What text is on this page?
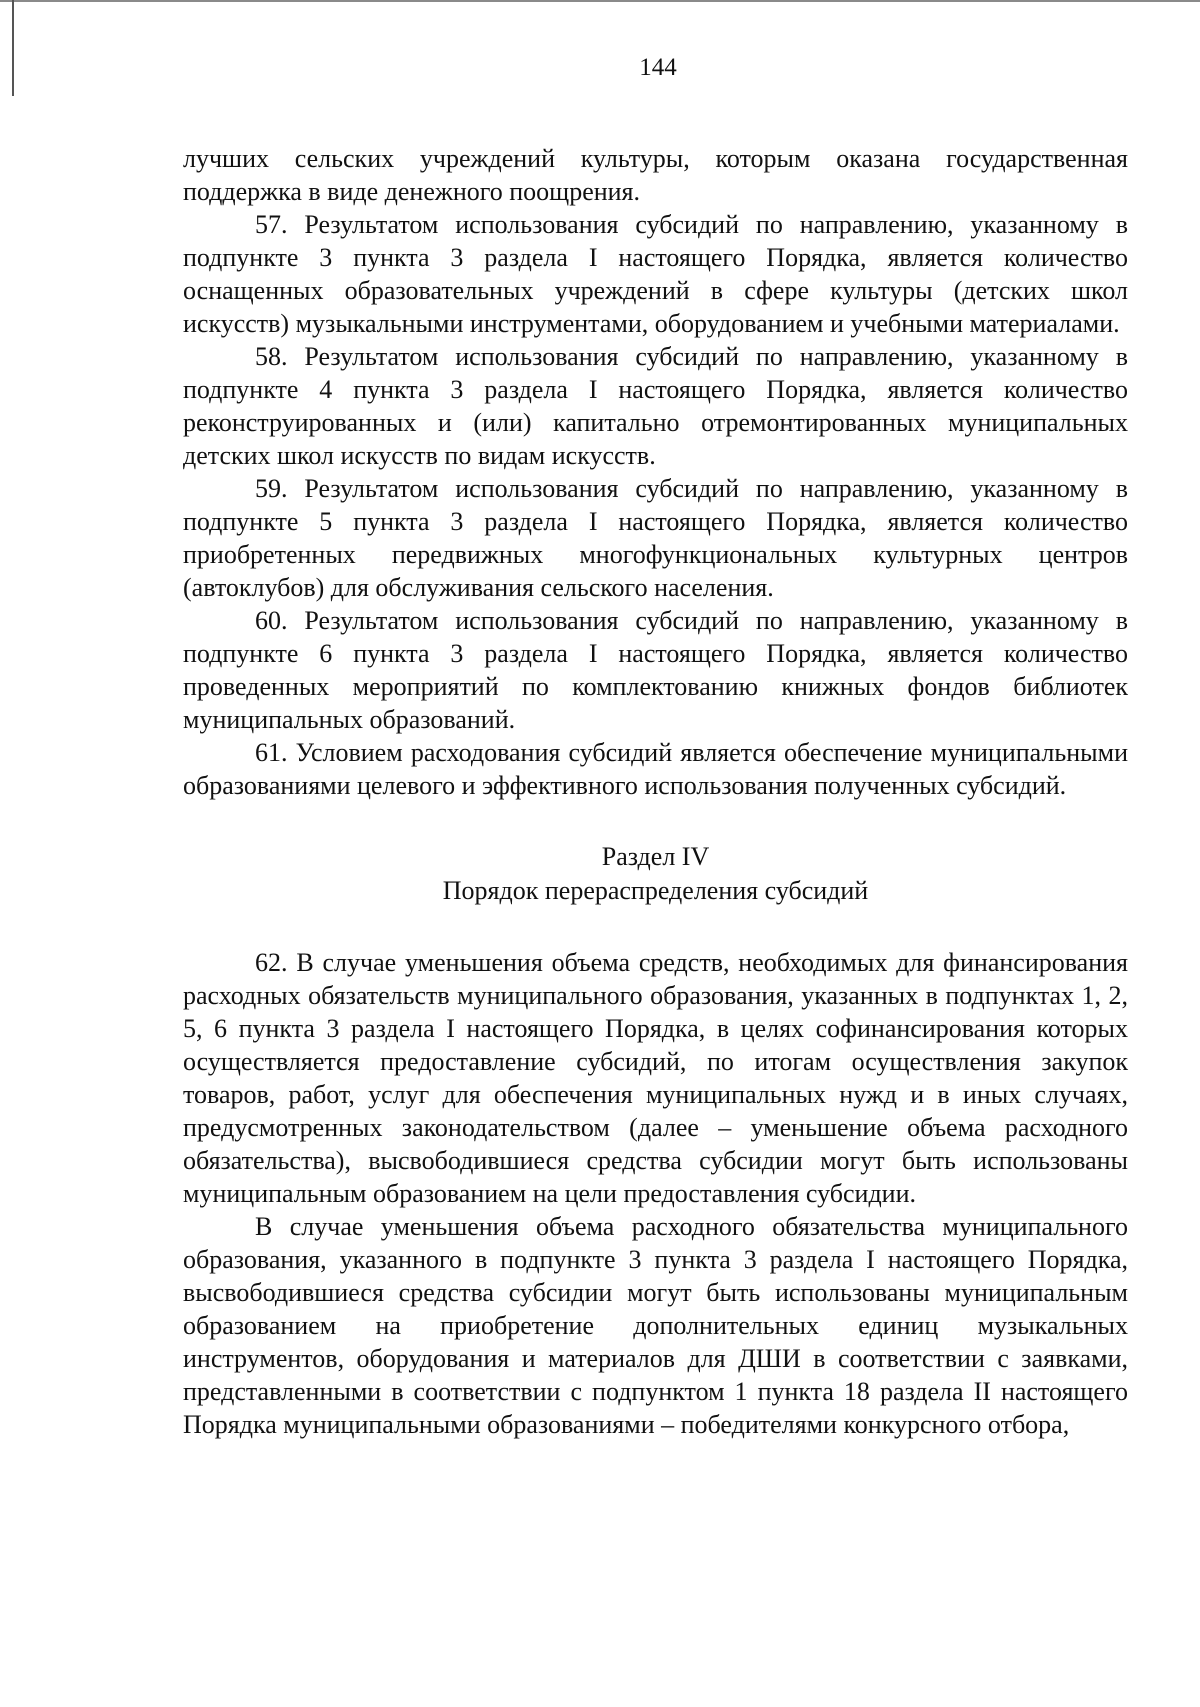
144

лучших сельских учреждений культуры, которым оказана государственная поддержка в виде денежного поощрения.

57. Результатом использования субсидий по направлению, указанному в подпункте 3 пункта 3 раздела I настоящего Порядка, является количество оснащенных образовательных учреждений в сфере культуры (детских школ искусств) музыкальными инструментами, оборудованием и учебными материалами.

58. Результатом использования субсидий по направлению, указанному в подпункте 4 пункта 3 раздела I настоящего Порядка, является количество реконструированных и (или) капитально отремонтированных муниципальных детских школ искусств по видам искусств.

59. Результатом использования субсидий по направлению, указанному в подпункте 5 пункта 3 раздела I настоящего Порядка, является количество приобретенных передвижных многофункциональных культурных центров (автоклубов) для обслуживания сельского населения.

60. Результатом использования субсидий по направлению, указанному в подпункте 6 пункта 3 раздела I настоящего Порядка, является количество проведенных мероприятий по комплектованию книжных фондов библиотек муниципальных образований.

61. Условием расходования субсидий является обеспечение муниципальными образованиями целевого и эффективного использования полученных субсидий.

Раздел IV

Порядок перераспределения субсидий

62. В случае уменьшения объема средств, необходимых для финансирования расходных обязательств муниципального образования, указанных в подпунктах 1, 2, 5, 6 пункта 3 раздела I настоящего Порядка, в целях софинансирования которых осуществляется предоставление субсидий, по итогам осуществления закупок товаров, работ, услуг для обеспечения муниципальных нужд и в иных случаях, предусмотренных законодательством (далее – уменьшение объема расходного обязательства), высвободившиеся средства субсидии могут быть использованы муниципальным образованием на цели предоставления субсидии.

В случае уменьшения объема расходного обязательства муниципального образования, указанного в подпункте 3 пункта 3 раздела I настоящего Порядка, высвободившиеся средства субсидии могут быть использованы муниципальным образованием на приобретение дополнительных единиц музыкальных инструментов, оборудования и материалов для ДШИ в соответствии с заявками, представленными в соответствии с подпунктом 1 пункта 18 раздела II настоящего Порядка муниципальными образованиями – победителями конкурсного отбора,
